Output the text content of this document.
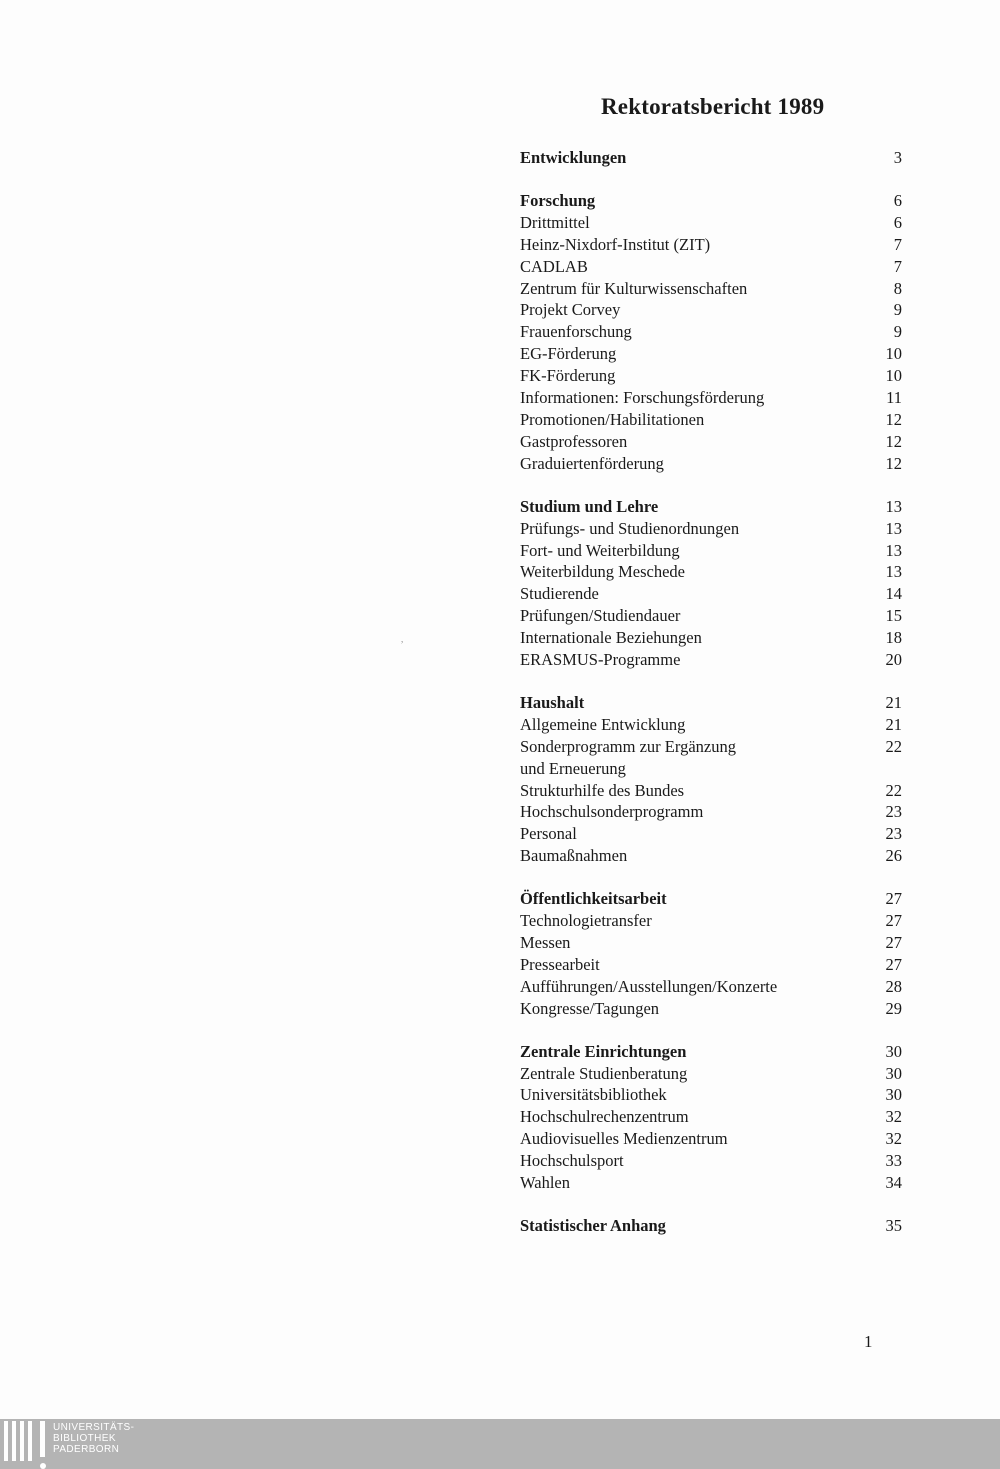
Rektoratsbericht 1989
,
Entwicklungen	3
Forschung	6
Drittmittel	6
Heinz-Nixdorf-Institut (ZIT)	7
CADLAB	7
Zentrum für Kulturwissenschaften	8
Projekt Corvey	9
Frauenforschung	9
EG-Förderung	10
FK-Förderung	10
Informationen: Forschungsförderung	11
Promotionen/Habilitationen	12
Gastprofessoren	12
Graduiertenförderung	12
Studium und Lehre	13
Prüfungs- und Studienordnungen	13
Fort- und Weiterbildung	13
Weiterbildung Meschede	13
Studierende	14
Prüfungen/Studiendauer	15
Internationale Beziehungen	18
ERASMUS-Programme	20
Haushalt	21
Allgemeine Entwicklung	21
Sonderprogramm zur Ergänzung	22
und Erneuerung
Strukturhilfe des Bundes	22
Hochschulsonderprogramm	23
Personal	23
Baumaßnahmen	26
Öffentlichkeitsarbeit	27
Technologietransfer	27
Messen	27
Pressearbeit	27
Aufführungen/Ausstellungen/Konzerte	28
Kongresse/Tagungen	29
Zentrale Einrichtungen	30
Zentrale Studienberatung	30
Universitätsbibliothek	30
Hochschulrechenzentrum	32
Audiovisuelles Medienzentrum	32
Hochschulsport	33
Wahlen	34
Statistischer Anhang	35
1
UNIVERSITÄTS-
BIBLIOTHEK
PADERBORN
